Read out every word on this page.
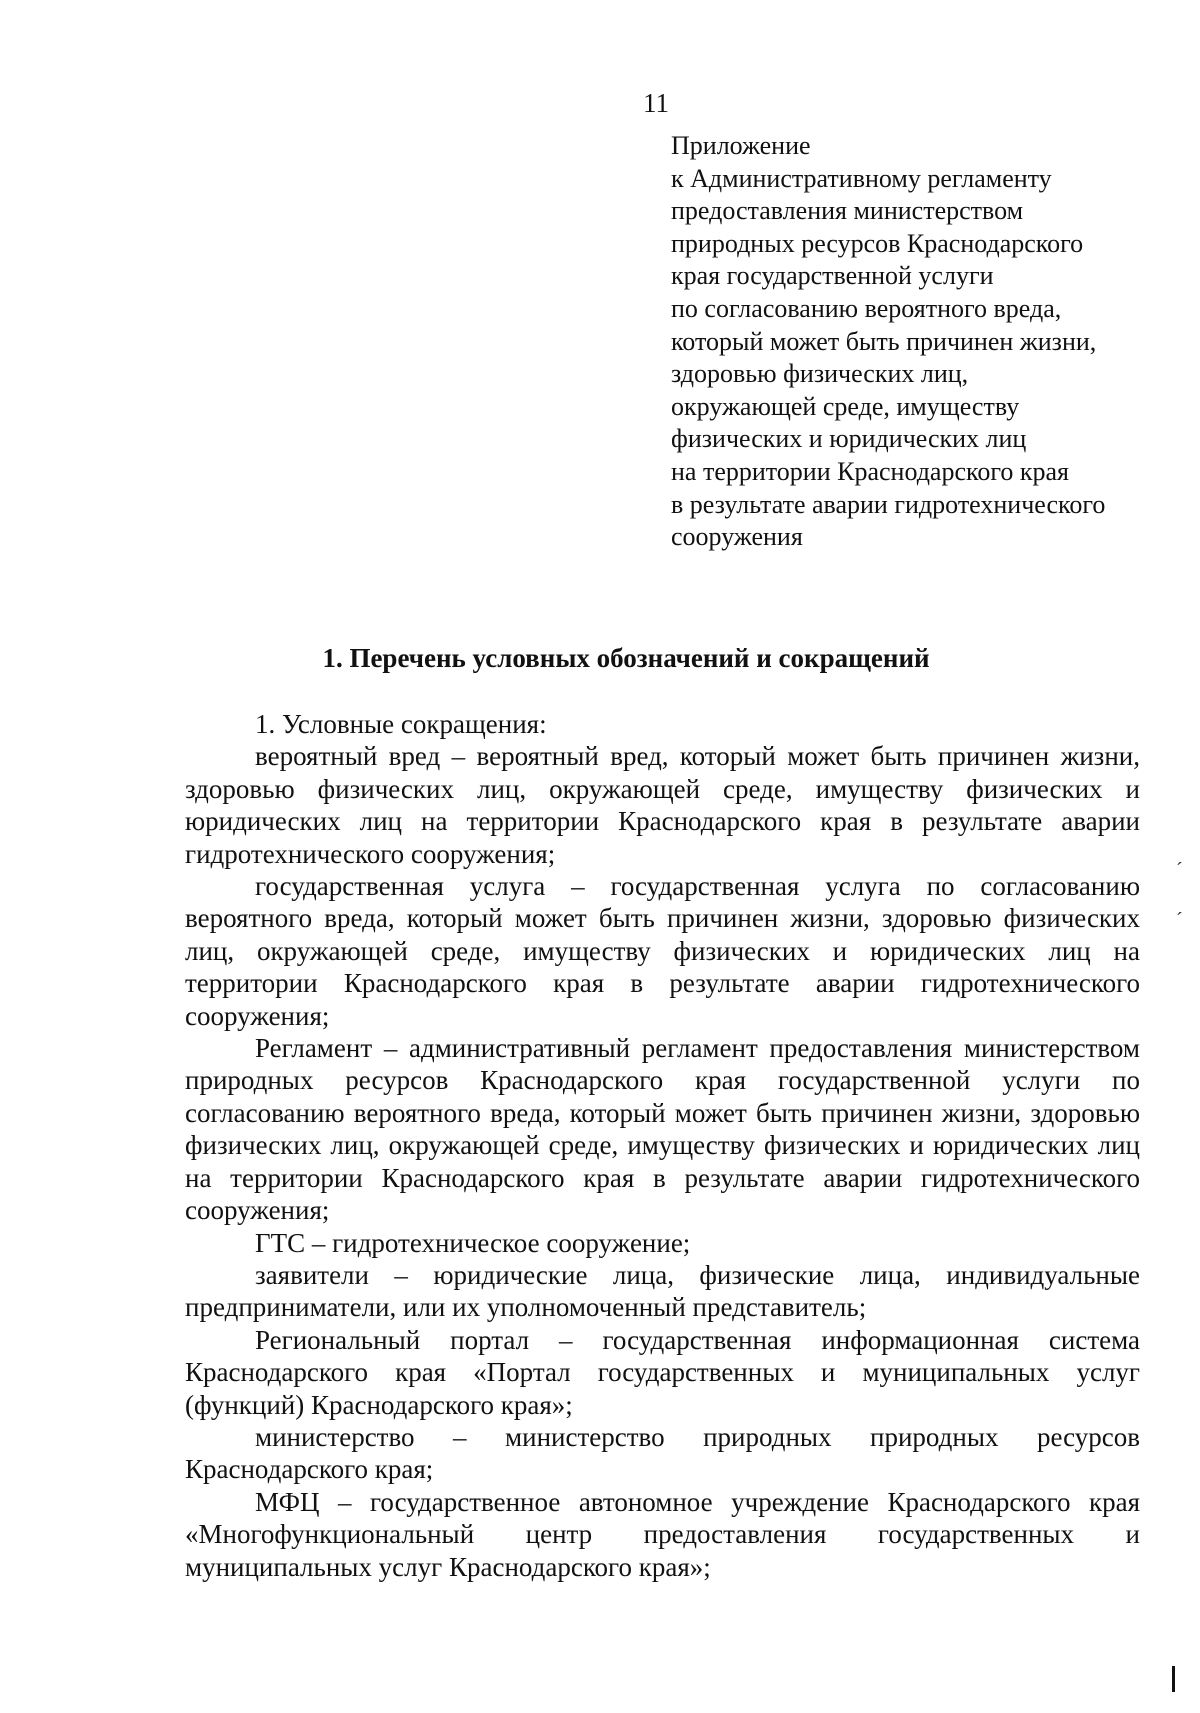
11
Приложение
к Административному регламенту
предоставления министерством
природных ресурсов Краснодарского
края государственной услуги
по согласованию вероятного вреда,
который может быть причинен жизни,
здоровью физических лиц,
окружающей среде, имуществу
физических и юридических лиц
на территории Краснодарского края
в результате аварии гидротехнического
сооружения
1. Перечень условных обозначений и сокращений

1. Условные сокращения:

вероятный вред – вероятный вред, который может быть причинен жизни, здоровью физических лиц, окружающей среде, имуществу физических и юридических лиц на территории Краснодарского края в результате аварии гидротехнического сооружения;

государственная услуга – государственная услуга по согласованию вероятного вреда, который может быть причинен жизни, здоровью физических лиц, окружающей среде, имуществу физических и юридических лиц на территории Краснодарского края в результате аварии гидротехнического сооружения;

Регламент – административный регламент предоставления министерством природных ресурсов Краснодарского края государственной услуги по согласованию вероятного вреда, который может быть причинен жизни, здоровью физических лиц, окружающей среде, имуществу физических и юридических лиц на территории Краснодарского края в результате аварии гидротехнического сооружения;

ГТС – гидротехническое сооружение;

заявители – юридические лица, физические лица, индивидуальные предприниматели, или их уполномоченный представитель;

Региональный портал – государственная информационная система Краснодарского края «Портал государственных и муниципальных услуг (функций) Краснодарского края»;

министерство – министерство природных природных ресурсов Краснодарского края;

МФЦ – государственное автономное учреждение Краснодарского края «Многофункциональный центр предоставления государственных и муниципальных услуг Краснодарского края»;

ˊ
ˊ
